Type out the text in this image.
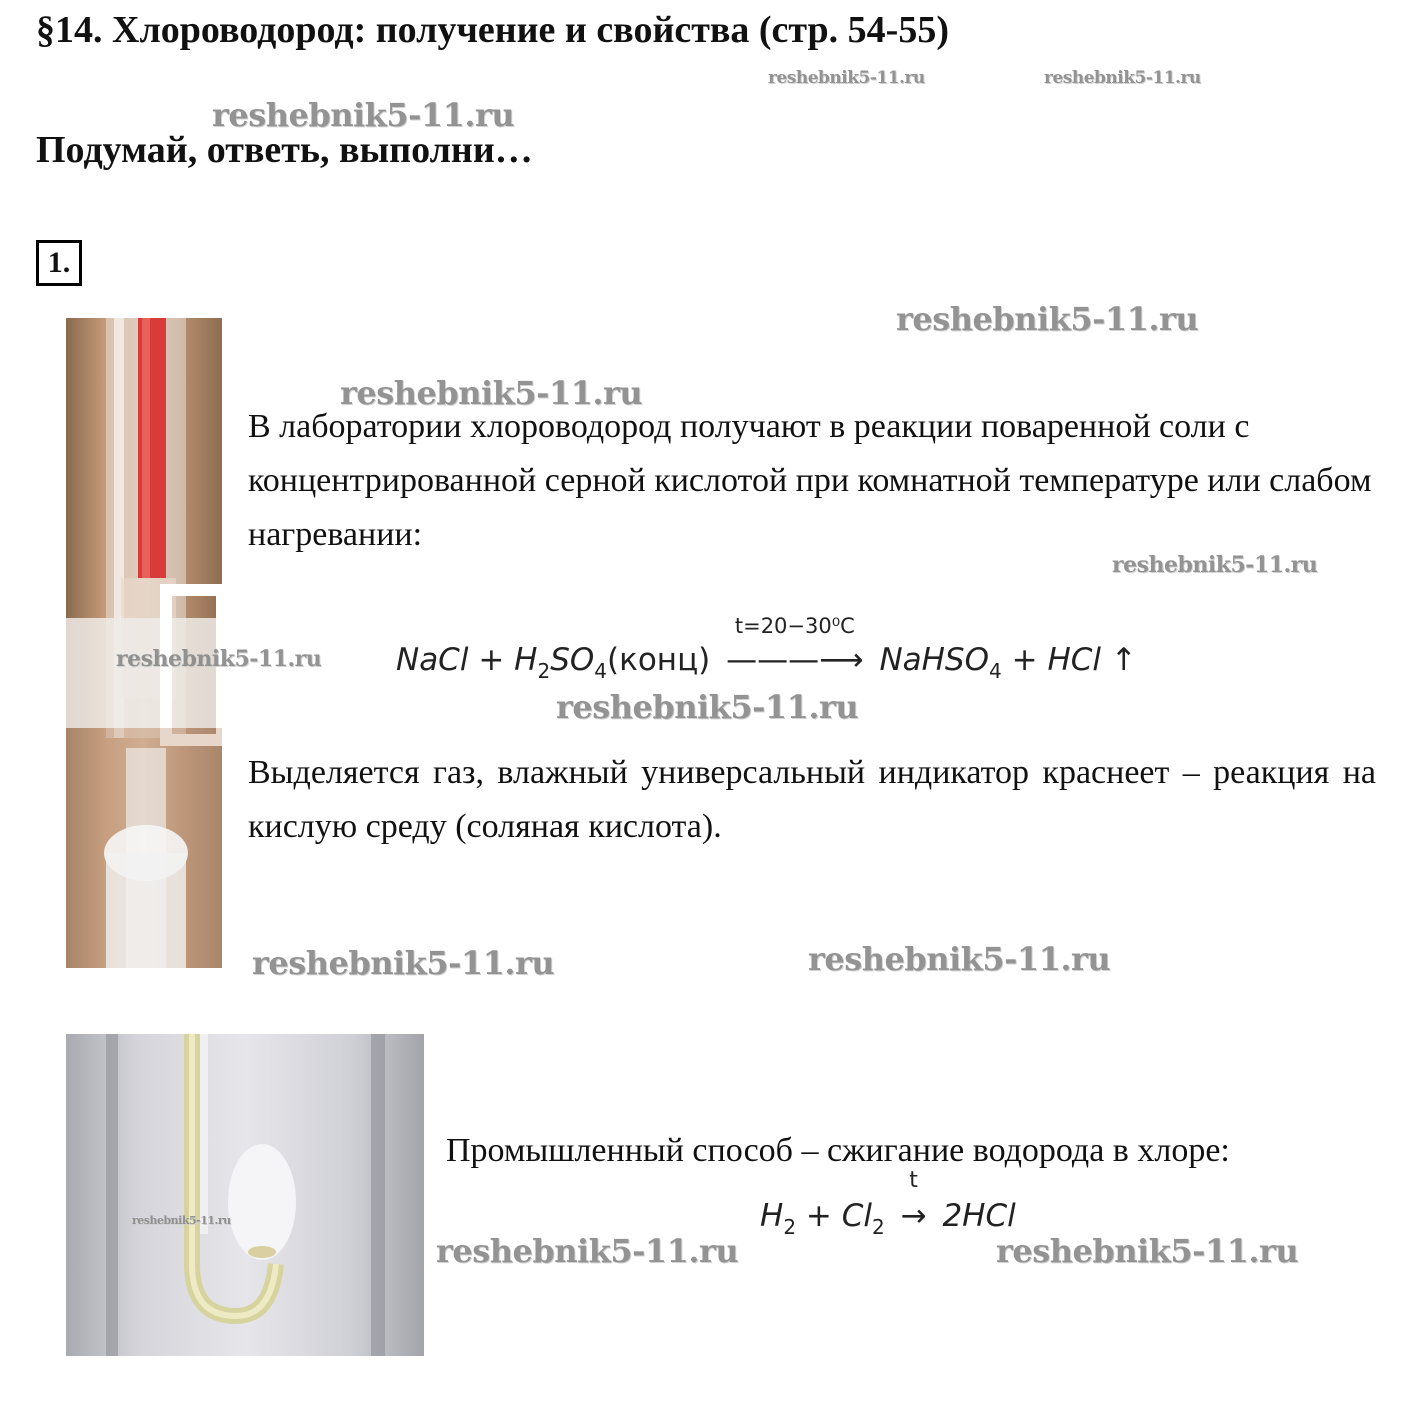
§14. Хлороводород: получение и свойства (стр. 54-55)
Подумай, ответь, выполни…
1.
В лаборатории хлороводород получают в реакции поваренной соли с концентрированной серной кислотой при комнатной температуре или слабом нагревании:
Выделяется газ, влажный универсальный индикатор краснеет – реакция на кислую среду (соляная кислота).
Промышленный способ – сжигание водорода в хлоре:
NaCl + $H_2SO_4(конц)$
t=20−30⁰C
———⟶ NaHSO$_4$ + HCl ↑
$H_2 + Cl_2$
t
→ 2HCl
reshebnik5-11.ru	reshebnik5-11.ru
reshebnik5-11.ru
reshebnik5-11.ru
reshebnik5-11.ru
reshebnik5-11.ru
reshebnik5-11.ru
reshebnik5-11.ru
reshebnik5-11.ru	reshebnik5-11.ru
reshebnik5-11.ru
reshebnik5-11.ru	reshebnik5-11.ru
